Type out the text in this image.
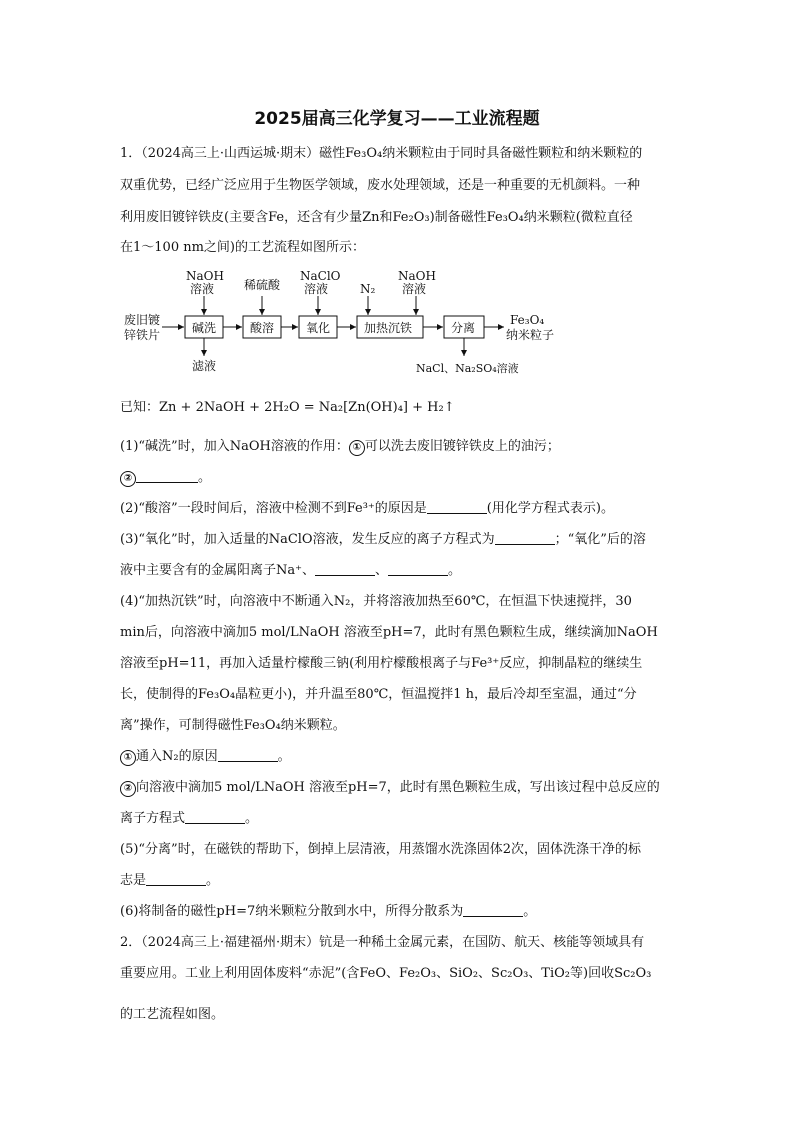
2025届高三化学复习——工业流程题
1．（2024高三上·山西运城·期末）磁性Fe₃O₄纳米颗粒由于同时具备磁性颗粒和纳米颗粒的
双重优势，已经广泛应用于生物医学领域，废水处理领域，还是一种重要的无机颜料。一种
利用废旧镀锌铁皮(主要含Fe，还含有少量Zn和Fe₂O₃)制备磁性Fe₃O₄纳米颗粒(微粒直径
在1～100 nm之间)的工艺流程如图所示：
废旧镀
锌铁片	碱洗	酸溶	氧化	加热沉铁	分离
Fe₃O₄
纳米粒子
NaOH
溶液 稀硫酸
NaClO
溶液	N₂
NaOH
溶液
滤液	NaCl、Na₂SO₄溶液
已知：Zn + 2NaOH + 2H₂O = Na₂[Zn(OH)₄] + H₂↑
(1)“碱洗”时，加入NaOH溶液的作用： ① 可以洗去废旧镀锌铁皮上的油污；
②	。
(2)“酸溶”一段时间后，溶液中检测不到Fe³⁺的原因是	(用化学方程式表示)。
(3)“氧化”时，加入适量的NaClO溶液，发生反应的离子方程式为	；“氧化”后的溶
液中主要含有的金属阳离子Na⁺、	、	。
(4)“加热沉铁”时，向溶液中不断通入N₂，并将溶液加热至60℃，在恒温下快速搅拌，30
min后，向溶液中滴加5 mol/LNaOH 溶液至pH=7，此时有黑色颗粒生成，继续滴加NaOH
溶液至pH=11，再加入适量柠檬酸三钠(利用柠檬酸根离子与Fe³⁺反应，抑制晶粒的继续生
长，使制得的Fe₃O₄晶粒更小)，并升温至80℃，恒温搅拌1 h，最后冷却至室温，通过“分
离”操作，可制得磁性Fe₃O₄纳米颗粒。
① 通入N₂的原因	。
② 向溶液中滴加5 mol/LNaOH 溶液至pH=7，此时有黑色颗粒生成，写出该过程中总反应的
离子方程式	。
(5)“分离”时，在磁铁的帮助下，倒掉上层清液，用蒸馏水洗涤固体2次，固体洗涤干净的标
志是	。
(6)将制备的磁性pH=7纳米颗粒分散到水中，所得分散系为	。
2．（2024高三上·福建福州·期末）钪是一种稀土金属元素，在国防、航天、核能等领域具有
重要应用。工业上利用固体废料“赤泥”(含FeO、Fe₂O₃、SiO₂、Sc₂O₃、TiO₂等)回收Sc₂O₃
的工艺流程如图。
